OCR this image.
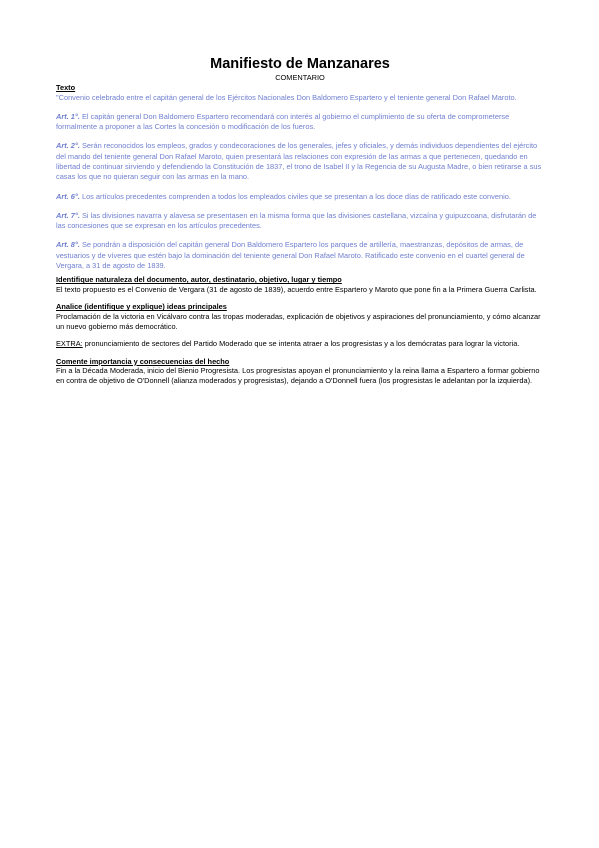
Manifiesto de Manzanares
COMENTARIO
Texto

"Convenio celebrado entre el capitán general de los Ejércitos Nacionales Don Baldomero Espartero y el teniente general Don Rafael Maroto.

Art. 1°. El capitán general Don Baldomero Espartero recomendará con interés al gobierno el cumplimiento de su oferta de comprometerse formalmente a proponer a las Cortes la concesión o modificación de los fueros.

Art. 2°. Serán reconocidos los empleos, grados y condecoraciones de los generales, jefes y oficiales, y demás individuos dependientes del ejército del mando del teniente general Don Rafael Maroto, quien presentará las relaciones con expresión de las armas a que pertenecen, quedando en libertad de continuar sirviendo y defendiendo la Constitución de 1837, el trono de Isabel II y la Regencia de su Augusta Madre, o bien retirarse a sus casas los que no quieran seguir con las armas en la mano.

Art. 6°. Los artículos precedentes comprenden a todos los empleados civiles que se presentan a los doce días de ratificado este convenio.

Art. 7°. Si las divisiones navarra y alavesa se presentasen en la misma forma que las divisiones castellana, vizcaína y guipuzcoana, disfrutarán de las concesiones que se expresan en los artículos precedentes.

Art. 8°. Se pondrán a disposición del capitán general Don Baldomero Espartero los parques de artillería, maestranzas, depósitos de armas, de vestuarios y de víveres que estén bajo la dominación del teniente general Don Rafael Maroto. Ratificado este convenio en el cuartel general de Vergara, a 31 de agosto de 1839.

Identifique naturaleza del documento, autor, destinatario, objetivo, lugar y tiempo

El texto propuesto es el Convenio de Vergara (31 de agosto de 1839), acuerdo entre Espartero y Maroto que pone fin a la Primera Guerra Carlista.

Analice (identifique y explique) ideas principales

Proclamación de la victoria en Vicálvaro contra las tropas moderadas, explicación de objetivos y aspiraciones del pronunciamiento, y cómo alcanzar un nuevo gobierno más democrático.

EXTRA: pronunciamiento de sectores del Partido Moderado que se intenta atraer a los progresistas y a los demócratas para lograr la victoria.

Comente importancia y consecuencias del hecho

Fin a la Década Moderada, inicio del Bienio Progresista. Los progresistas apoyan el pronunciamiento y la reina llama a Espartero a formar gobierno en contra de objetivo de O'Donnell (alianza moderados y progresistas), dejando a O'Donnell fuera (los progresistas le adelantan por la izquierda).
